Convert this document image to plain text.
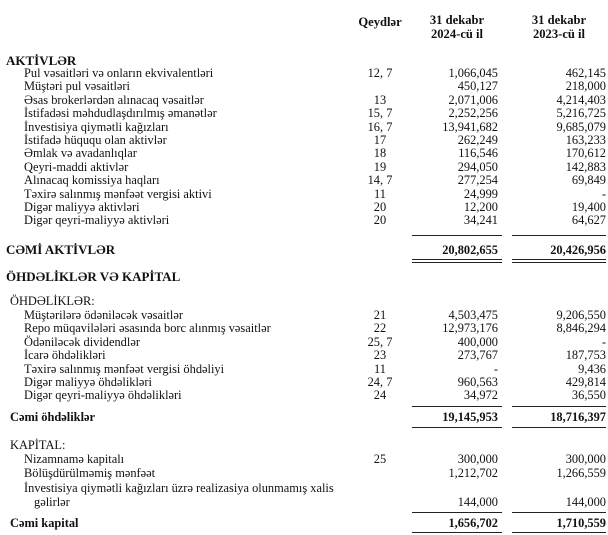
Qeydlər	31 dekabr
2024-cü il
31 dekabr
2023-cü il
AKTİVLƏR
Pul vəsaitləri və onların ekvivalentləri	12, 7	1,066,045	462,145
Müştəri pul vəsaitləri	450,127	218,000
Əsas brokerlərdən alınacaq vəsaitlər	13	2,071,006	4,214,403
İstifadəsi məhdudlaşdırılmış əmanətlər	15, 7	2,252,256	5,216,725
İnvestisiya qiymətli kağızları	16, 7	13,941,682	9,685,079
İstifadə hüququ olan aktivlər	17	262,249	163,233
Əmlak və avadanlıqlar	18	116,546	170,612
Qeyri-maddi aktivlər	19	294,050	142,883
Alınacaq komissiya haqları	14, 7	277,254	69,849
Təxirə salınmış mənfəət vergisi aktivi	11	24,999	-
Digər maliyyə aktivləri	20	12,200	19,400
Digər qeyri-maliyyə aktivləri	20	34,241	64,627
CƏMİ AKTİVLƏR	20,802,655	20,426,956
ÖHDƏLİKLƏR VƏ KAPİTAL
ÖHDƏLİKLƏR:
Müştərilərə ödəniləcək vəsaitlər	21	4,503,475	9,206,550
Repo müqavilələri əsasında borc alınmış vəsaitlər	22	12,973,176	8,846,294
Ödəniləcək dividendlər	25, 7	400,000	-
İcarə öhdəlikləri	23	273,767	187,753
Təxirə salınmış mənfəət vergisi öhdəliyi	11	-	9,436
Digər maliyyə öhdəlikləri	24, 7	960,563	429,814
Digər qeyri-maliyyə öhdəlikləri	24	34,972	36,550
Cəmi öhdəliklər	19,145,953	18,716,397
KAPİTAL:
Nizamnamə kapitalı	25	300,000	300,000
Bölüşdürülməmiş mənfəət	1,212,702	1,266,559
İnvestisiya qiymətli kağızları üzrə realizasiya olunmamış xalis
gəlirlər	144,000	144,000
Cəmi kapital	1,656,702	1,710,559
